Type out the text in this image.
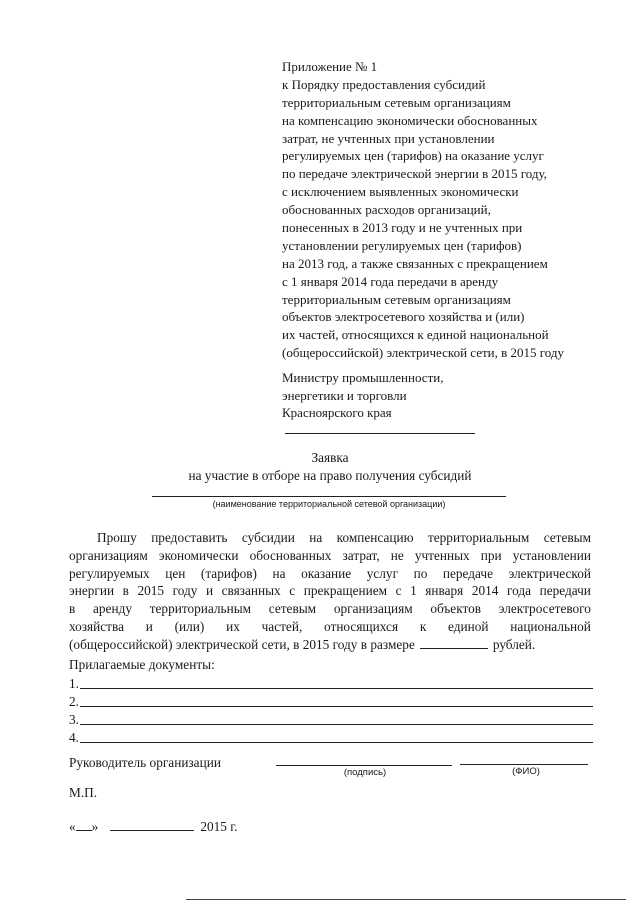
Приложение № 1
к Порядку предоставления субсидий
территориальным сетевым организациям
на компенсацию экономически обоснованных
затрат, не учтенных при установлении
регулируемых цен (тарифов) на оказание услуг
по передаче электрической энергии в 2015 году,
с исключением выявленных экономически
обоснованных расходов организаций,
понесенных в 2013 году и не учтенных при
установлении регулируемых цен (тарифов)
на 2013 год, а также связанных с прекращением
с 1 января 2014 года передачи в аренду
территориальным сетевым организациям
объектов электросетевого хозяйства и (или)
их частей, относящихся к единой национальной
(общероссийской) электрической сети, в 2015 году
Министру промышленности,
энергетики и торговли
Красноярского края
Заявка
на участие в отборе на право получения субсидий
(наименование территориальной сетевой организации)
Прошу предоставить субсидии на компенсацию территориальным сетевым
организациям экономически обоснованных затрат, не учтенных при установлении
регулируемых цен (тарифов) на оказание услуг по передаче электрической
энергии в 2015 году и связанных с прекращением с 1 января 2014 года передачи
в аренду территориальным сетевым организациям объектов электросетевого
хозяйства и (или) их частей, относящихся к единой национальной
(общероссийской) электрической сети, в 2015 году в размере	рублей.
Прилагаемые документы:
1.
2.
3.
4.
Руководитель организации
(подпись)	(ФИО)
М.П.
« »	2015 г.
